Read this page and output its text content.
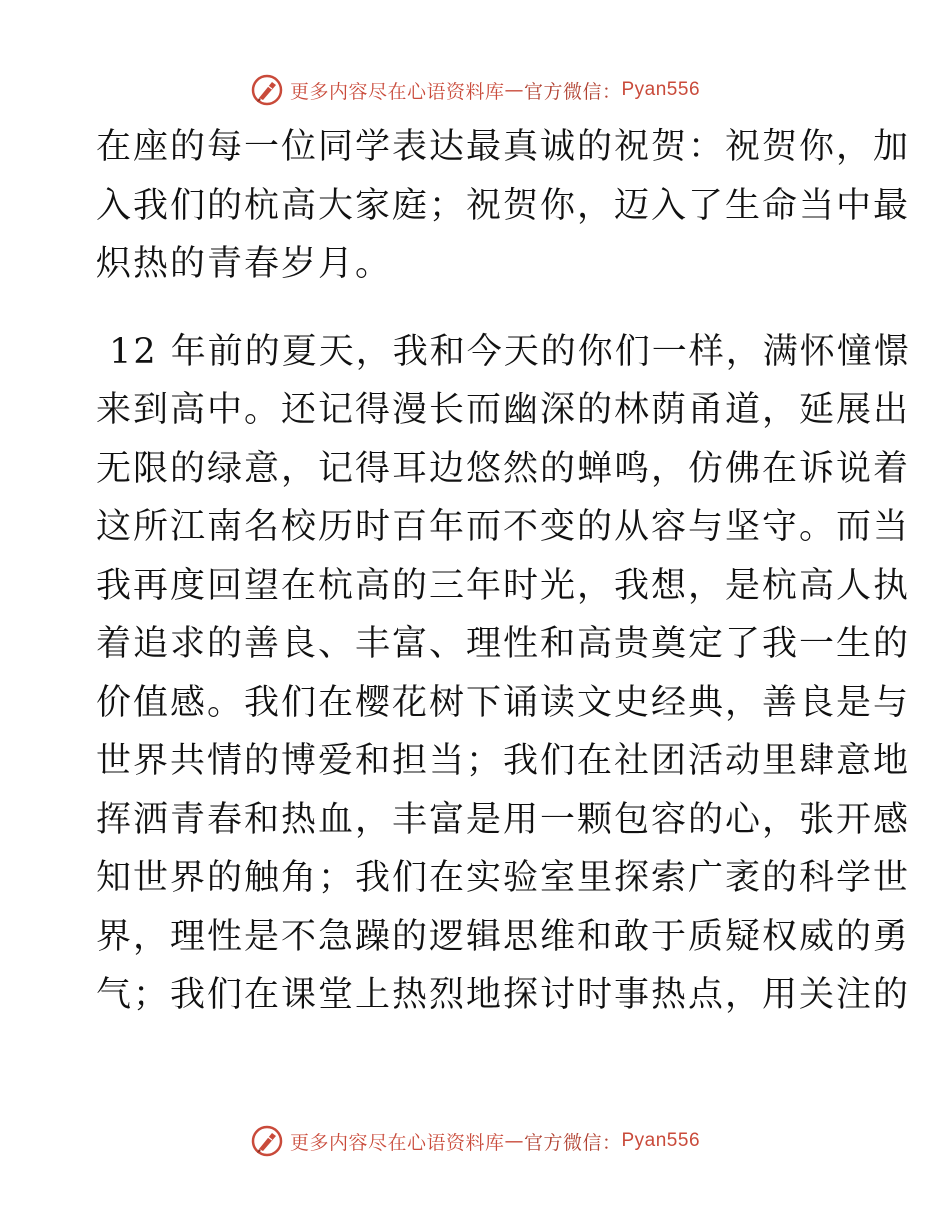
更多内容尽在心语资料库 — 官方微信： Pyan556

在座的每一位同学表达最真诚的祝贺：祝贺你，加
入我们的杭高大家庭；祝贺你，迈入了生命当中最
炽热的青春岁月。

12 年前的夏天，我和今天的你们一样，满怀憧憬
来到高中。还记得漫长而幽深的林荫甬道，延展出
无限的绿意，记得耳边悠然的蝉鸣，仿佛在诉说着
这所江南名校历时百年而不变的从容与坚守。而当
我再度回望在杭高的三年时光，我想，是杭高人执
着追求的善良、丰富、理性和高贵奠定了我一生的
价值感。我们在樱花树下诵读文史经典，善良是与
世界共情的博爱和担当；我们在社团活动里肆意地
挥洒青春和热血，丰富是用一颗包容的心，张开感
知世界的触角；我们在实验室里探索广袤的科学世
界，理性是不急躁的逻辑思维和敢于质疑权威的勇
气；我们在课堂上热烈地探讨时事热点，用关注的

更多内容尽在心语资料库 — 官方微信： Pyan556
